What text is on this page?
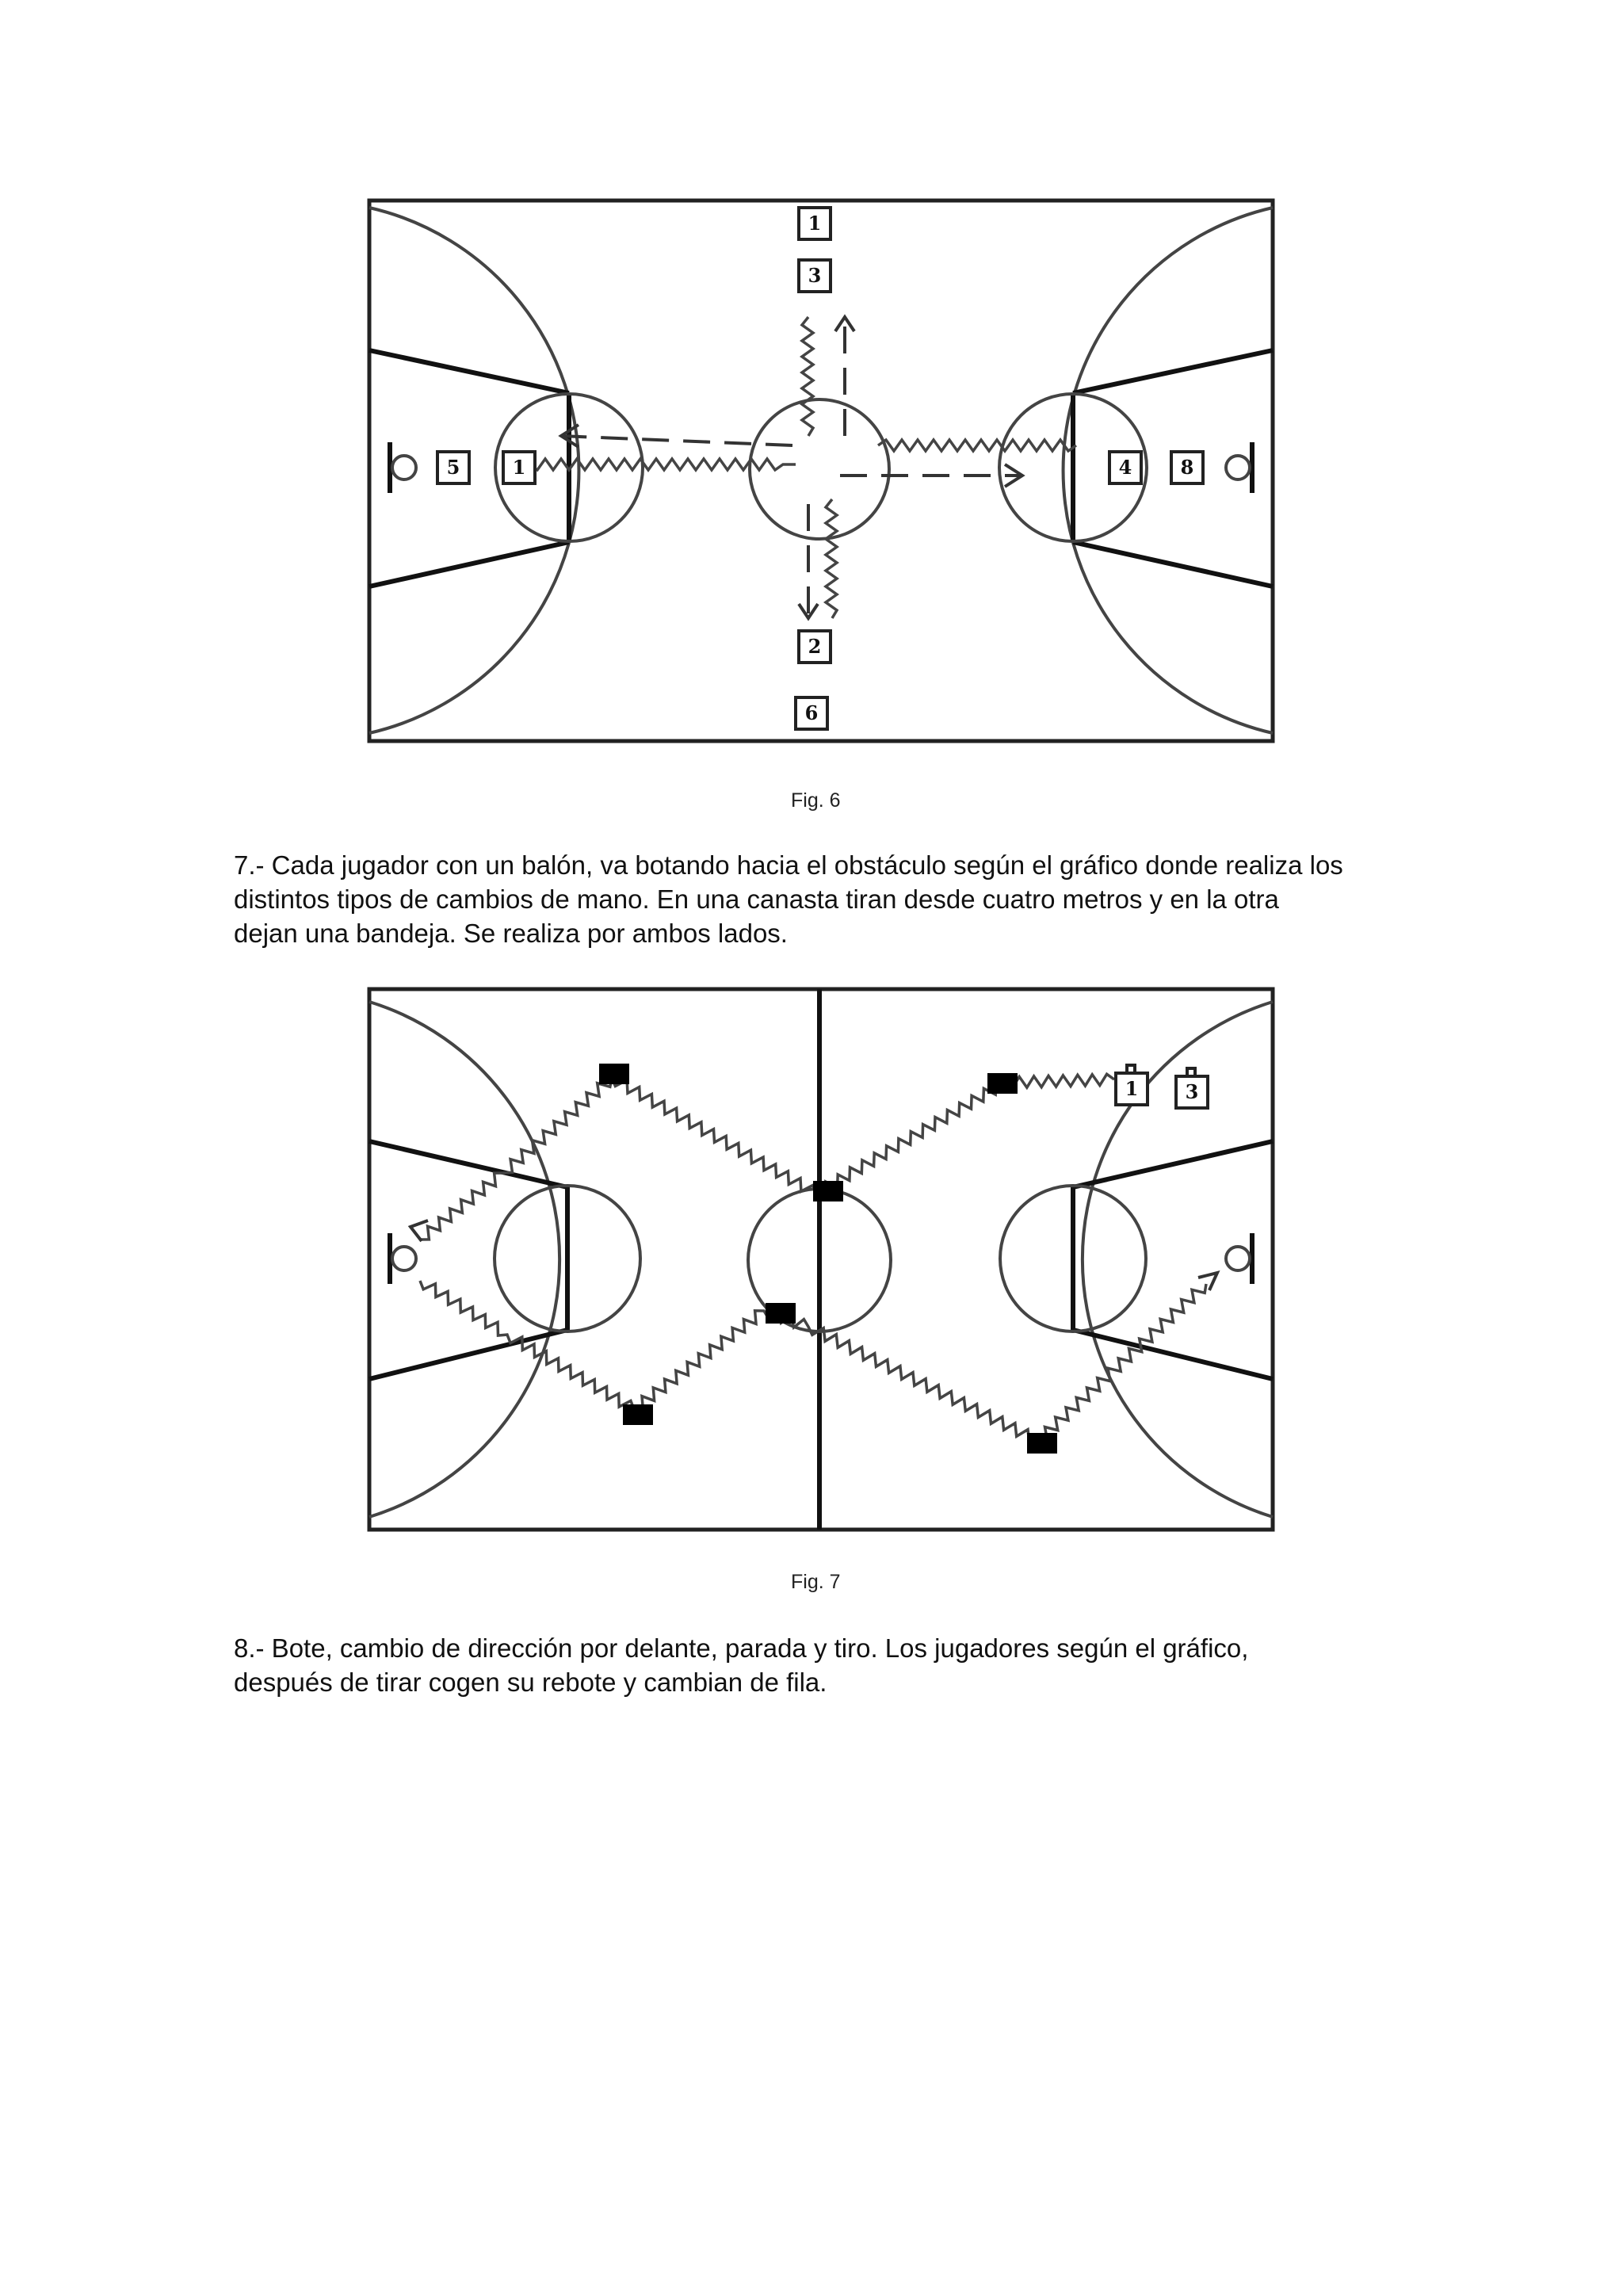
1
3
5	1	4	8
2
6
Fig. 6

7.- Cada jugador con un balón, va botando hacia el obstáculo según el gráfico donde realiza los

distintos tipos de cambios de mano. En una canasta tiran desde cuatro metros y en la otra

dejan una bandeja. Se realiza por ambos lados.

1 3
Fig. 7

8.- Bote, cambio de dirección por delante, parada y tiro. Los jugadores según el gráfico,

después de tirar cogen su rebote y cambian de fila.
